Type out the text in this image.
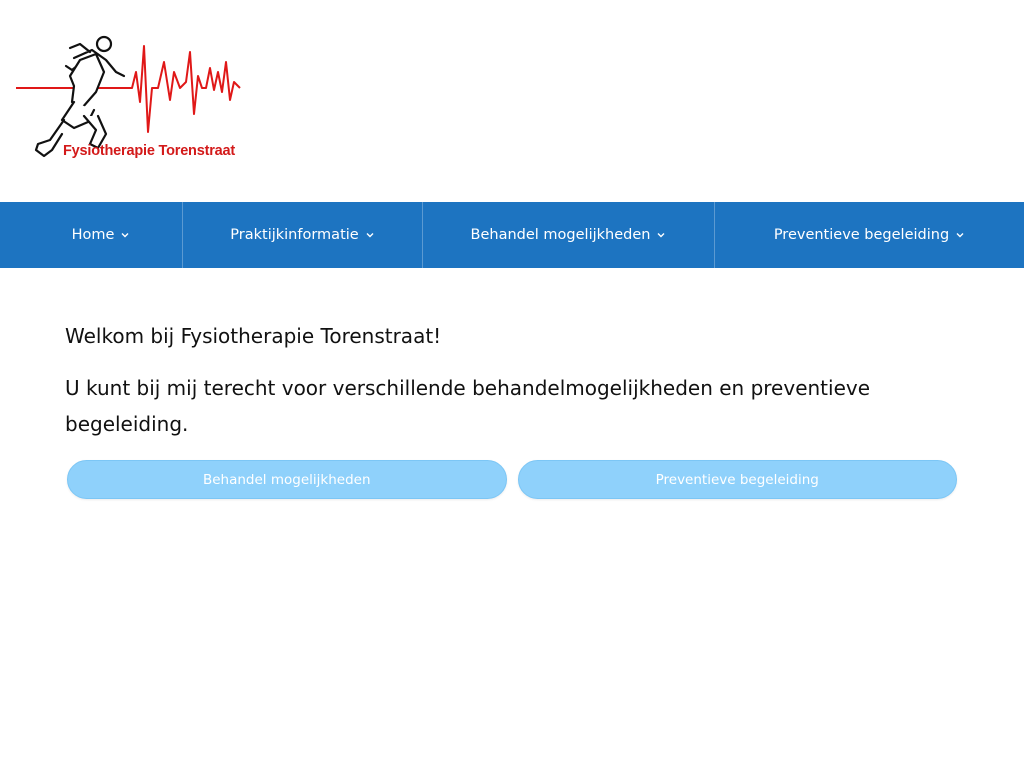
Fysiotherapie Torenstraat
Home	Praktijkinformatie	Behandel mogelijkheden	Preventieve begeleiding

Welkom bij Fysiotherapie Torenstraat!

U kunt bij mij terecht voor verschillende behandelmogelijkheden en preventieve begeleiding.

Behandel mogelijkheden	Preventieve begeleiding
